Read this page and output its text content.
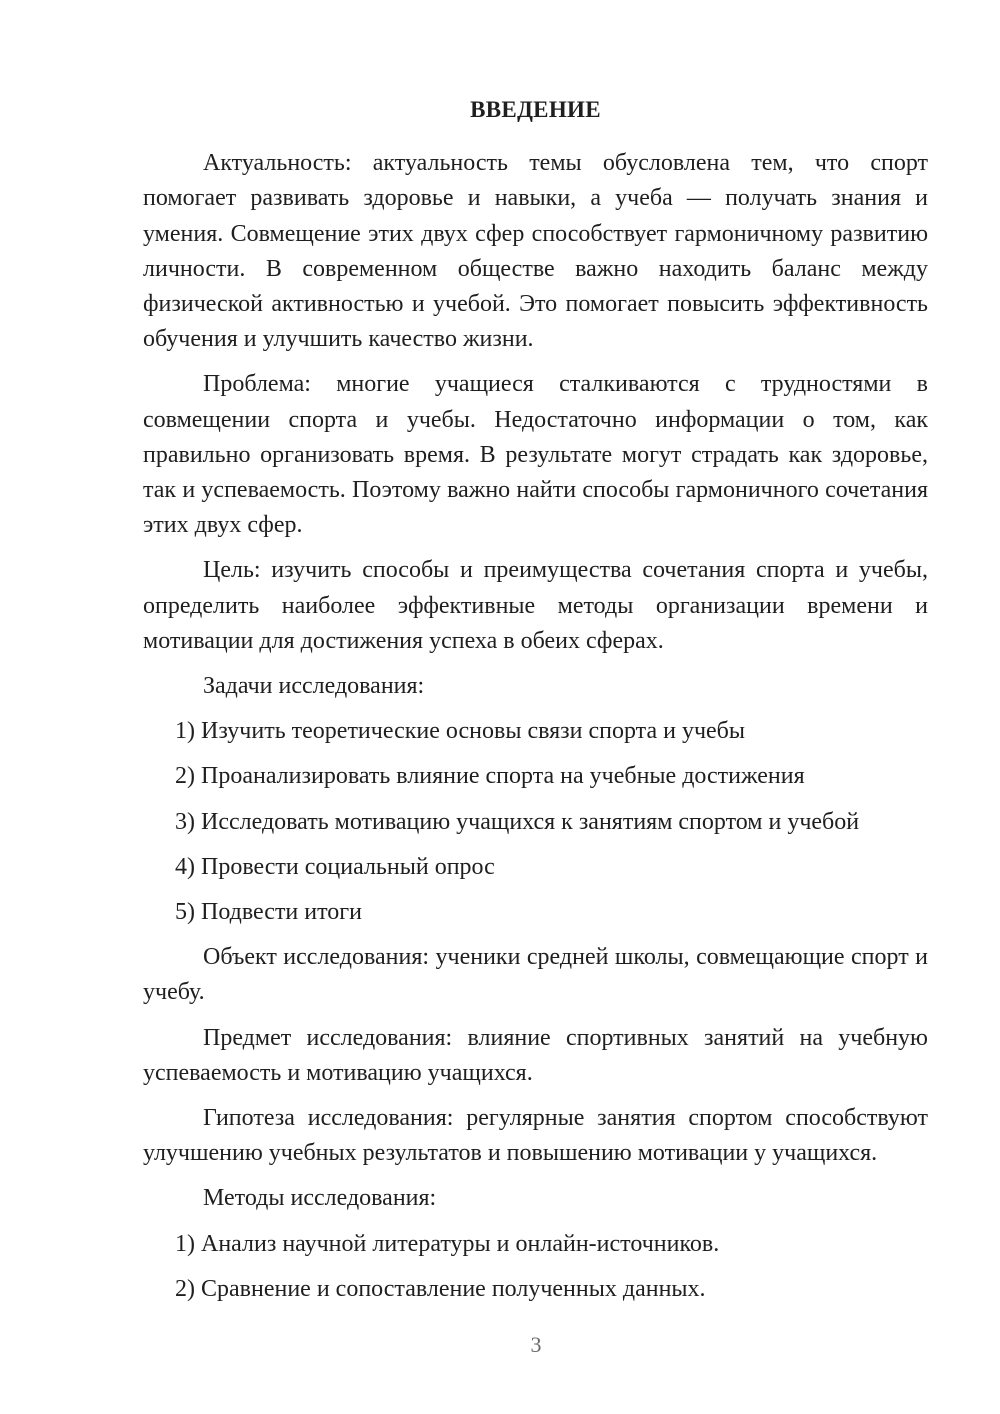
ВВЕДЕНИЕ

Актуальность: актуальность темы обусловлена тем, что спорт помогает развивать здоровье и навыки, а учеба — получать знания и умения. Совмещение этих двух сфер способствует гармоничному развитию личности. В современном обществе важно находить баланс между физической активностью и учебой. Это помогает повысить эффективность обучения и улучшить качество жизни.

Проблема: многие учащиеся сталкиваются с трудностями в совмещении спорта и учебы. Недостаточно информации о том, как правильно организовать время. В результате могут страдать как здоровье, так и успеваемость. Поэтому важно найти способы гармоничного сочетания этих двух сфер.

Цель: изучить способы и преимущества сочетания спорта и учебы, определить наиболее эффективные методы организации времени и мотивации для достижения успеха в обеих сферах.

Задачи исследования:

1) Изучить теоретические основы связи спорта и учебы
2) Проанализировать влияние спорта на учебные достижения
3) Исследовать мотивацию учащихся к занятиям спортом и учебой
4) Провести социальный опрос
5) Подвести итоги

Объект исследования: ученики средней школы, совмещающие спорт и учебу.

Предмет исследования: влияние спортивных занятий на учебную успеваемость и мотивацию учащихся.

Гипотеза исследования: регулярные занятия спортом способствуют улучшению учебных результатов и повышению мотивации у учащихся.

Методы исследования:

1) Анализ научной литературы и онлайн-источников.
2) Сравнение и сопоставление полученных данных.
3
